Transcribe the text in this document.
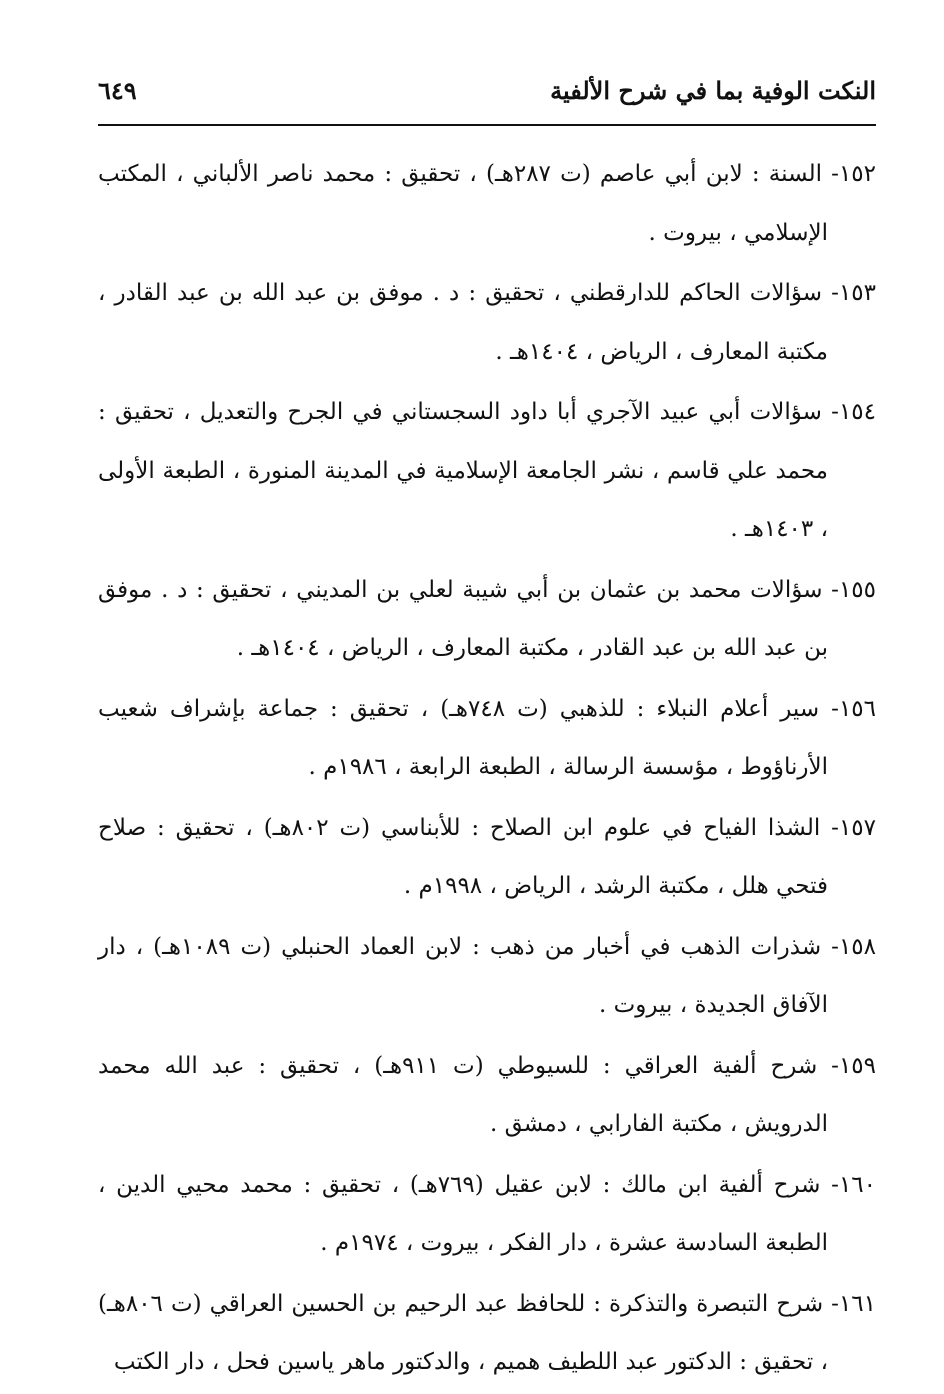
النكت الوفية بما في شرح الألفية
٦٤٩

١٥٢- السنة : لابن أبي عاصم (ت ٢٨٧هـ) ، تحقيق : محمد ناصر الألباني ، المكتب الإسلامي ، بيروت .

١٥٣- سؤالات الحاكم للدارقطني ، تحقيق : د . موفق بن عبد الله بن عبد القادر ، مكتبة المعارف ، الرياض ، ١٤٠٤هـ .

١٥٤- سؤالات أبي عبيد الآجري أبا داود السجستاني في الجرح والتعديل ، تحقيق : محمد علي قاسم ، نشر الجامعة الإسلامية في المدينة المنورة ، الطبعة الأولى ، ١٤٠٣هـ .

١٥٥- سؤالات محمد بن عثمان بن أبي شيبة لعلي بن المديني ، تحقيق : د . موفق بن عبد الله بن عبد القادر ، مكتبة المعارف ، الرياض ، ١٤٠٤هـ .

١٥٦- سير أعلام النبلاء : للذهبي (ت ٧٤٨هـ) ، تحقيق : جماعة بإشراف شعيب الأرناؤوط ، مؤسسة الرسالة ، الطبعة الرابعة ، ١٩٨٦م .

١٥٧- الشذا الفياح في علوم ابن الصلاح : للأبناسي (ت ٨٠٢هـ) ، تحقيق : صلاح فتحي هلل ، مكتبة الرشد ، الرياض ، ١٩٩٨م .

١٥٨- شذرات الذهب في أخبار من ذهب : لابن العماد الحنبلي (ت ١٠٨٩هـ) ، دار الآفاق الجديدة ، بيروت .

١٥٩- شرح ألفية العراقي : للسيوطي (ت ٩١١هـ) ، تحقيق : عبد الله محمد الدرويش ، مكتبة الفارابي ، دمشق .

١٦٠- شرح ألفية ابن مالك : لابن عقيل (٧٦٩هـ) ، تحقيق : محمد محيي الدين ، الطبعة السادسة عشرة ، دار الفكر ، بيروت ، ١٩٧٤م .

١٦١- شرح التبصرة والتذكرة : للحافظ عبد الرحيم بن الحسين العراقي (ت ٨٠٦هـ) ، تحقيق : الدكتور عبد اللطيف هميم ، والدكتور ماهر ياسين فحل ، دار الكتب
